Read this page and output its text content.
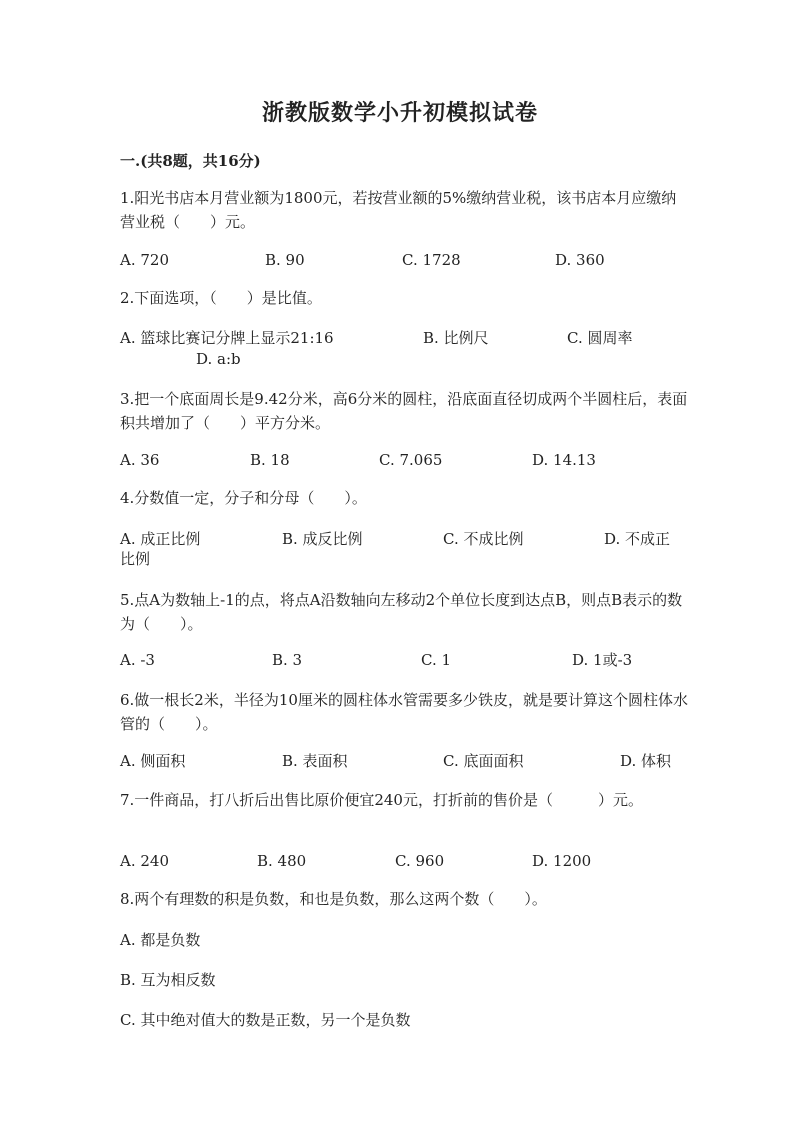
浙教版数学小升初模拟试卷
一.(共8题，共16分)
1.阳光书店本月营业额为1800元，若按营业额的5%缴纳营业税，该书店本月应缴纳营业税（　　）元。
A. 720	B. 90	C. 1728	D. 360
2.下面选项，（　　）是比值。
A. 篮球比赛记分牌上显示21:16	B. 比例尺	C. 圆周率
D. a:b
3.把一个底面周长是9.42分米，高6分米的圆柱，沿底面直径切成两个半圆柱后，表面积共增加了（　　）平方分米。
A. 36	B. 18	C. 7.065	D. 14.13
4.分数值一定，分子和分母（　　）。
A. 成正比例	B. 成反比例	C. 不成比例	D. 不成正
比例
5.点A为数轴上-1的点，将点A沿数轴向左移动2个单位长度到达点B，则点B表示的数为（　　）。
A. -3	B. 3	C. 1	D. 1或-3
6.做一根长2米，半径为10厘米的圆柱体水管需要多少铁皮，就是要计算这个圆柱体水管的（　　）。
A. 侧面积	B. 表面积	C. 底面面积	D. 体积
7.一件商品，打八折后出售比原价便宜240元，打折前的售价是（　　　）元。
A. 240	B. 480	C. 960	D. 1200
8.两个有理数的积是负数，和也是负数，那么这两个数（　　）。
A. 都是负数
B. 互为相反数
C. 其中绝对值大的数是正数，另一个是负数
